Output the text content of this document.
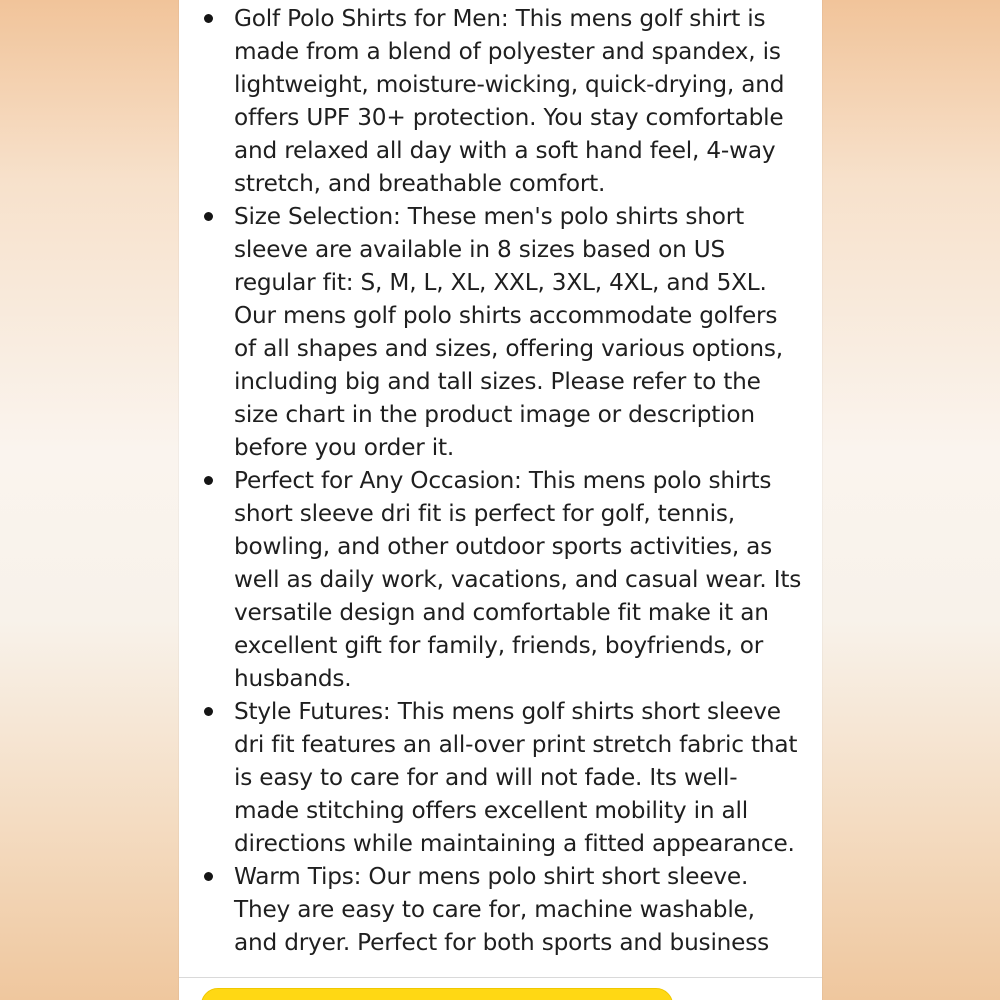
Golf Polo Shirts for Men: This mens golf shirt is made from a blend of polyester and spandex, is lightweight, moisture-wicking, quick-drying, and offers UPF 30+ protection. You stay comfortable and relaxed all day with a soft hand feel, 4-way stretch, and breathable comfort.
Size Selection: These men's polo shirts short sleeve are available in 8 sizes based on US regular fit: S, M, L, XL, XXL, 3XL, 4XL, and 5XL. Our mens golf polo shirts accommodate golfers of all shapes and sizes, offering various options, including big and tall sizes. Please refer to the size chart in the product image or description before you order it.
Perfect for Any Occasion: This mens polo shirts short sleeve dri fit is perfect for golf, tennis, bowling, and other outdoor sports activities, as well as daily work, vacations, and casual wear. Its versatile design and comfortable fit make it an excellent gift for family, friends, boyfriends, or husbands.
Style Futures: This mens golf shirts short sleeve dri fit features an all-over print stretch fabric that is easy to care for and will not fade. Its well-made stitching offers excellent mobility in all directions while maintaining a fitted appearance.
Warm Tips: Our mens polo shirt short sleeve. They are easy to care for, machine washable, and dryer. Perfect for both sports and business
